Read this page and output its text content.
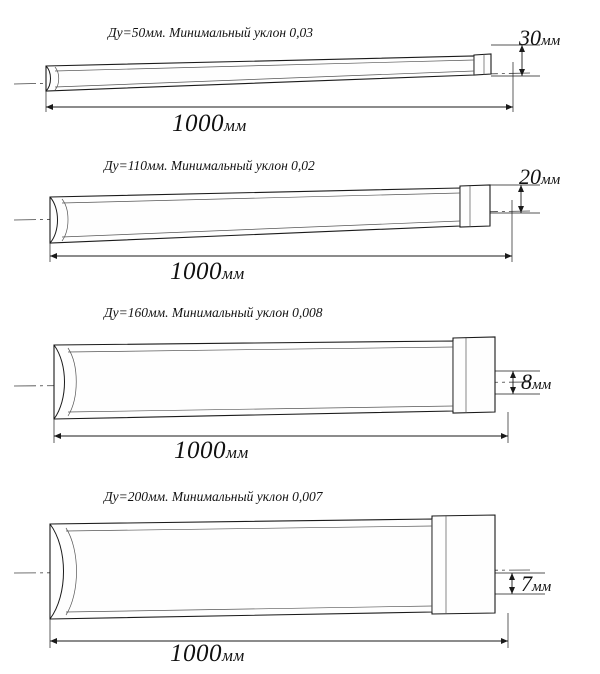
Ду=50мм. Минимальный уклон 0,03
1000мм
30мм
Ду=110мм. Минимальный уклон 0,02
1000мм
20мм
Ду=160мм. Минимальный уклон 0,008
1000мм
8мм
Ду=200мм. Минимальный уклон 0,007
1000мм
7мм
